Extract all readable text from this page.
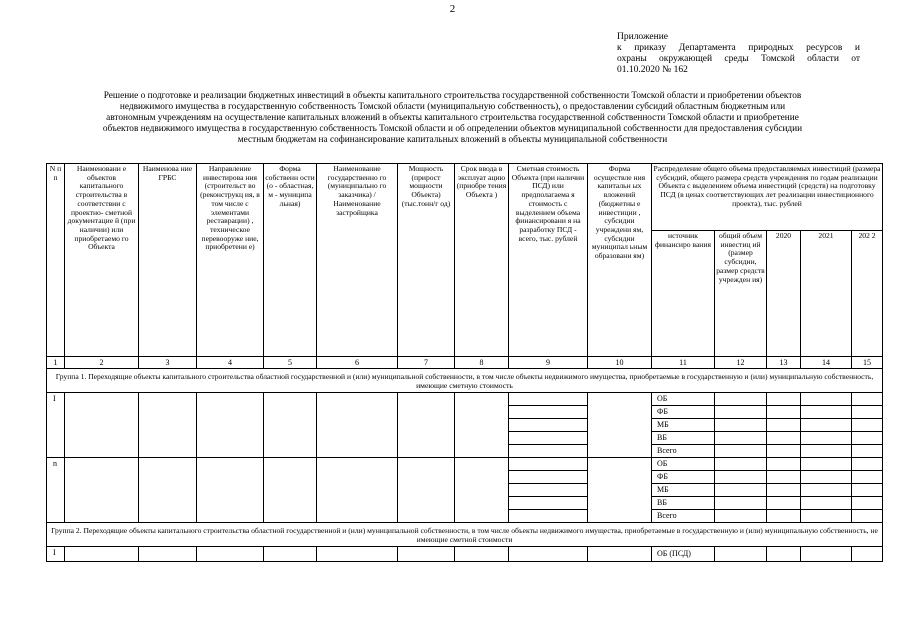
2
Приложение
к приказу Департамента природных ресурсов и
охраны окружающей среды Томской области от
01.10.2020 № 162
Решение о подготовке и реализации бюджетных инвестиций в объекты капитального строительства государственной собственности Томской области и приобретении объектов
недвижимого имущества в государственную собственность Томской области (муниципальную собственность), о предоставлении субсидий областным бюджетным или
автономным учреждениям на осуществление капитальных вложений в объекты капитального строительства государственной собственности Томской области и приобретение
объектов недвижимого имущества в государственную собственность Томской области и об определении объектов муниципальной собственности для предоставления субсидии
местным бюджетам на софинансирование капитальных вложений в объекты муниципальной собственности
N п п	Наименовани е объектов капитального строительства в соответствии с проектно- сметной документацие й (при наличии) или приобретаемо го Объекта	Наименова ние ГРБС	Направление инвестирова ния (строительст во (реконструкц ия, в том числе с элементами реставрации) , техническое перевооруже ние, приобретени е)	Форма собственн ости (о - областная, м - муниципа льная)	Наименование государственно го (муниципально го заказчика) / Наименование застройщика	Мощность (прирост мощности Объекта) (тыс.тонн/г од)	Срок ввода в эксплуат ацию (приобре тения Объекта )	Сметная стоимость Объекта (при наличии ПСД) или предполагаема я стоимость с выделением объема финансировани я на разработку ПСД - всего, тыс. рублей	Форма осуществле ния капитальн ых вложений (бюджетны е инвестиции , субсидии учреждени ям, субсидии муниципал ьным образовани ям)	Распределение общего объема предоставляемых инвестиций (размера субсидий, общего размера средств учреждения по годам реализации Объекта с выделением объема инвестиций (средств) на подготовку ПСД (в ценах соответствующих лет реализации инвестиционного проекта), тыс. рублей				
										источник финансиро вания	общий объем инвестиц ий (размер субсидии, размер средств учрежден ия)	2020	2021	202 2

1	2	3	4	5	6	7	8	9	10	11	12	13	14	15
Группа 1. Переходящие объекты капитального строительства областной государственной и (или) муниципальной собственности, в том числе объекты недвижимого имущества, приобретаемые в государственную и (или) муниципальную собственность, имеющие сметную стоимость														
I										ОБ				
										ФБ				
										МБ				
										ВБ				
										Всего				
n										ОБ				
										ФБ				
										МБ				
										ВБ				
										Всего				
Группа 2. Переходящие объекты капитального строительства областной государственной и (или) муниципальной собственности, в том числе объекты недвижимого имущества, приобретаемые в государственную и (или) муниципальную собственность, не имеющие сметной стоимости														
I										ОБ (ПСД)				
